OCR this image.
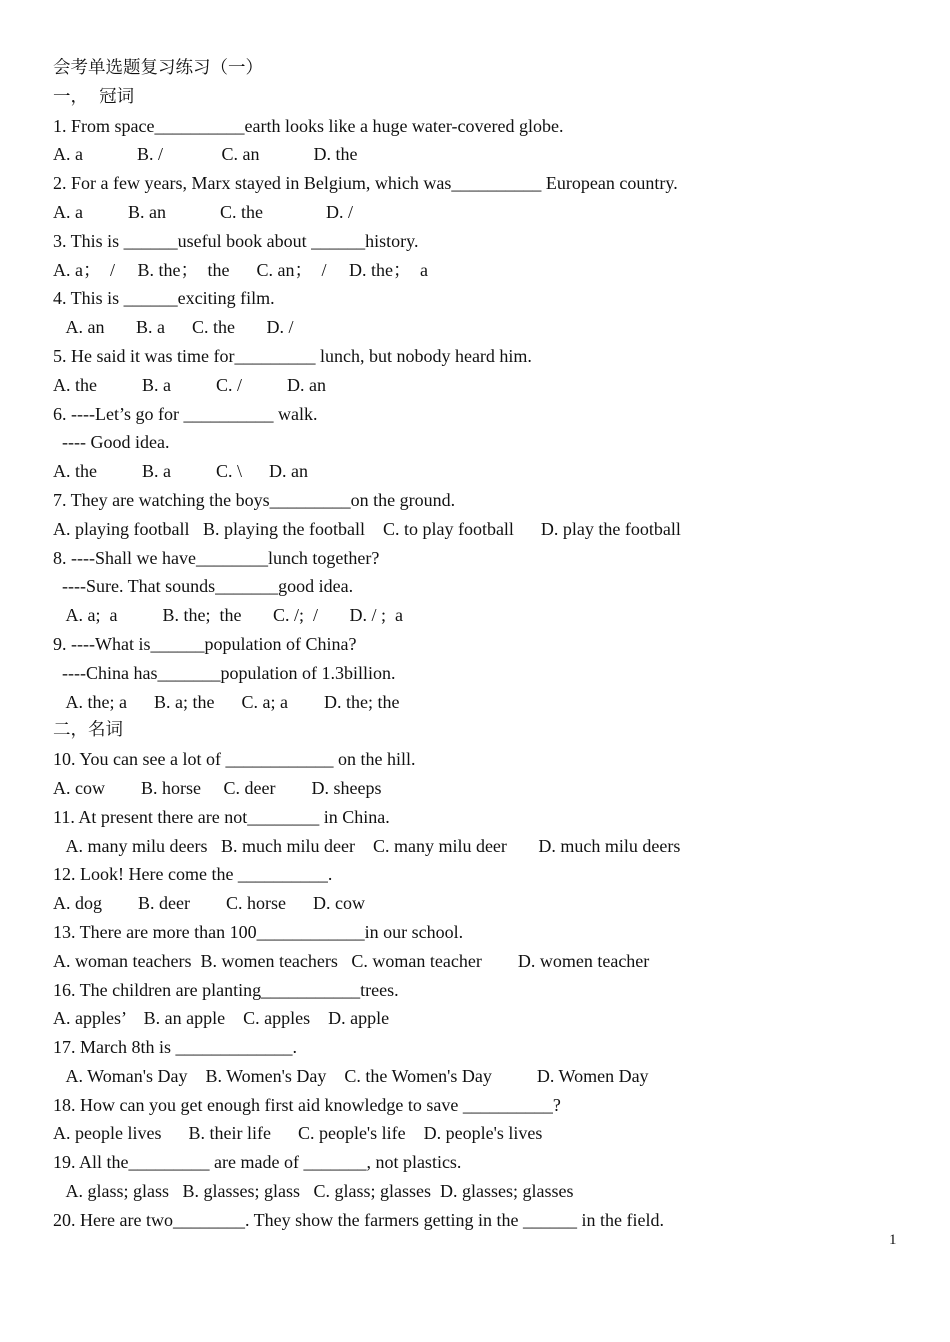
会考单选题复习练习（一）
一，  冠词
1. From space__________earth looks like a huge water-covered globe.
A. a            B. /             C. an            D. the
2. For a few years, Marx stayed in Belgium, which was__________ European country.
A. a          B. an            C. the              D. /
3. This is ______useful book about ______history.
A. a；  /     B. the；  the      C. an；  /     D. the；  a
4. This is ______exciting film.
A. an       B. a      C. the       D. /
5. He said it was time for_________ lunch, but nobody heard him.
A. the          B. a          C. /          D. an
6. ----Let’s go for __________ walk.
---- Good idea.
A. the          B. a          C. \      D. an
7. They are watching the boys_________on the ground.
A. playing football   B. playing the football    C. to play football      D. play the football
8. ----Shall we have________lunch together?
----Sure. That sounds_______good idea.
A. a;  a          B. the;  the       C. /;  /       D. / ;  a
9. ----What is______population of China?
----China has_______population of 1.3billion.
A. the; a      B. a; the      C. a; a        D. the; the
二，名词
10. You can see a lot of ____________ on the hill.
A. cow        B. horse     C. deer        D. sheeps
11. At present there are not________ in China.
A. many milu deers   B. much milu deer    C. many milu deer       D. much milu deers
12. Look! Here come the __________.
A. dog        B. deer        C. horse      D. cow
13. There are more than 100____________in our school.
A. woman teachers  B. women teachers   C. woman teacher        D. women teacher
16. The children are planting___________trees.
A. apples’    B. an apple    C. apples    D. apple
17. March 8th is _____________.
A. Woman's Day    B. Women's Day    C. the Women's Day          D. Women Day
18. How can you get enough first aid knowledge to save __________?
A. people lives      B. their life      C. people's life    D. people's lives
19. All the_________ are made of _______, not plastics.
A. glass; glass   B. glasses; glass   C. glass; glasses  D. glasses; glasses
20. Here are two________. They show the farmers getting in the ______ in the field.
1
